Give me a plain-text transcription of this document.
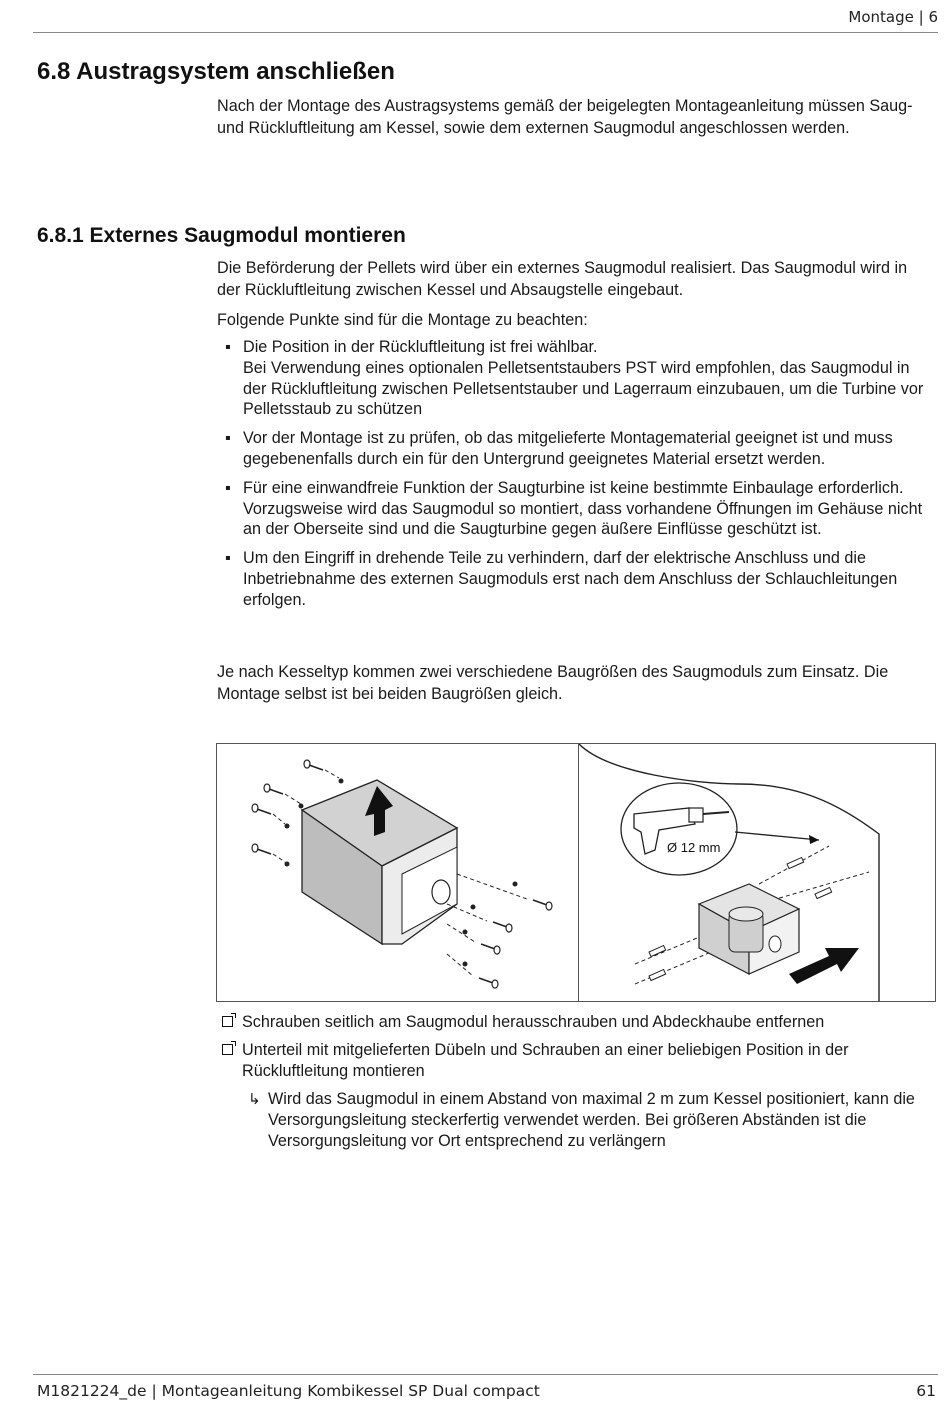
Montage | 6
6.8 Austragsystem anschließen

Nach der Montage des Austragsystems gemäß der beigelegten Montageanleitung müssen Saug- und Rückluftleitung am Kessel, sowie dem externen Saugmodul angeschlossen werden.

6.8.1 Externes Saugmodul montieren

Die Beförderung der Pellets wird über ein externes Saugmodul realisiert. Das Saugmodul wird in der Rückluftleitung zwischen Kessel und Absaugstelle eingebaut.

Folgende Punkte sind für die Montage zu beachten:

▪ Die Position in der Rückluftleitung ist frei wählbar.
Bei Verwendung eines optionalen Pelletsentstaubers PST wird empfohlen, das Saugmodul in der Rückluftleitung zwischen Pelletsentstauber und Lagerraum einzubauen, um die Turbine vor Pelletsstaub zu schützen
▪ Vor der Montage ist zu prüfen, ob das mitgelieferte Montagematerial geeignet ist und muss gegebenenfalls durch ein für den Untergrund geeignetes Material ersetzt werden.
▪ Für eine einwandfreie Funktion der Saugturbine ist keine bestimmte Einbaulage erforderlich. Vorzugsweise wird das Saugmodul so montiert, dass vorhandene Öffnungen im Gehäuse nicht an der Oberseite sind und die Saugturbine gegen äußere Einflüsse geschützt ist.
▪ Um den Eingriff in drehende Teile zu verhindern, darf der elektrische Anschluss und die Inbetriebnahme des externen Saugmoduls erst nach dem Anschluss der Schlauchleitungen erfolgen.

Je nach Kesseltyp kommen zwei verschiedene Baugrößen des Saugmoduls zum Einsatz. Die Montage selbst ist bei beiden Baugrößen gleich.

Ø 12 mm
Schrauben seitlich am Saugmodul herausschrauben und Abdeckhaube entfernen
Unterteil mit mitgelieferten Dübeln und Schrauben an einer beliebigen Position in der Rückluftleitung montieren
↳ Wird das Saugmodul in einem Abstand von maximal 2 m zum Kessel positioniert, kann die Versorgungsleitung steckerfertig verwendet werden. Bei größeren Abständen ist die Versorgungsleitung vor Ort entsprechend zu verlängern
M1821224_de | Montageanleitung Kombikessel SP Dual compact	61
